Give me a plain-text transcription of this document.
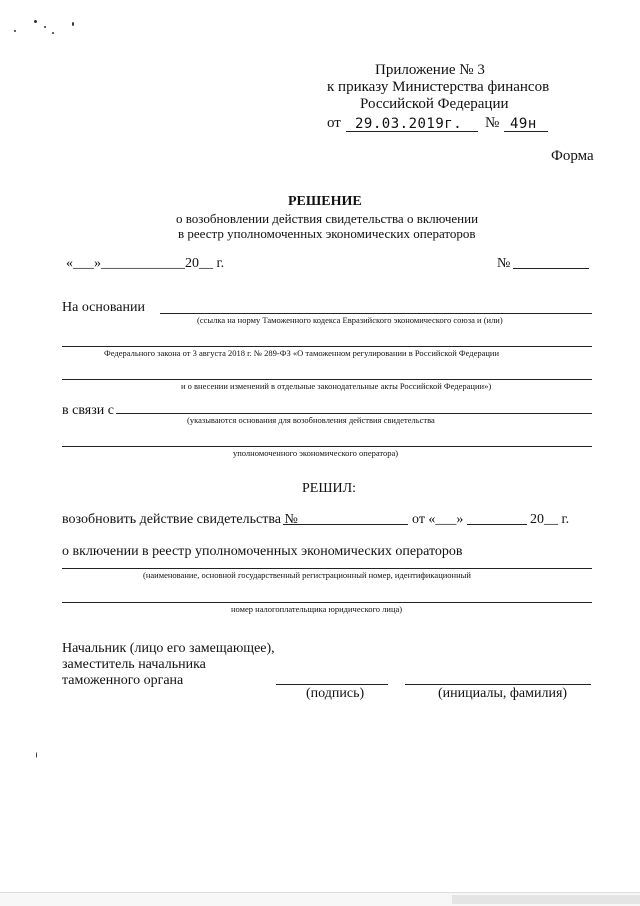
Приложение № 3
к приказу Министерства финансов
Российской Федерации
от 29.03.2019г. № 49н
Форма
РЕШЕНИЕ
о возобновлении действия свидетельства о включении
в реестр уполномоченных экономических операторов
«___»____________20__ г.	№
На основании
(ссылка на норму Таможенного кодекса Евразийского экономического союза и (или)
Федерального закона от 3 августа 2018 г. № 289-ФЗ «О таможенном регулировании в Российской Федерации
и о внесении изменений в отдельные законодательные акты Российской Федерации»)
в связи с
(указываются основания для возобновления действия свидетельства
уполномоченного экономического оператора)
РЕШИЛ:
возобновить действие свидетельства №	от «___»	20__ г.
о включении в реестр уполномоченных экономических операторов
(наименование, основной государственный регистрационный номер, идентификационный
номер налогоплательщика юридического лица)
Начальник (лицо его замещающее),
заместитель начальника
таможенного органа
(подпись)	(инициалы, фамилия)
